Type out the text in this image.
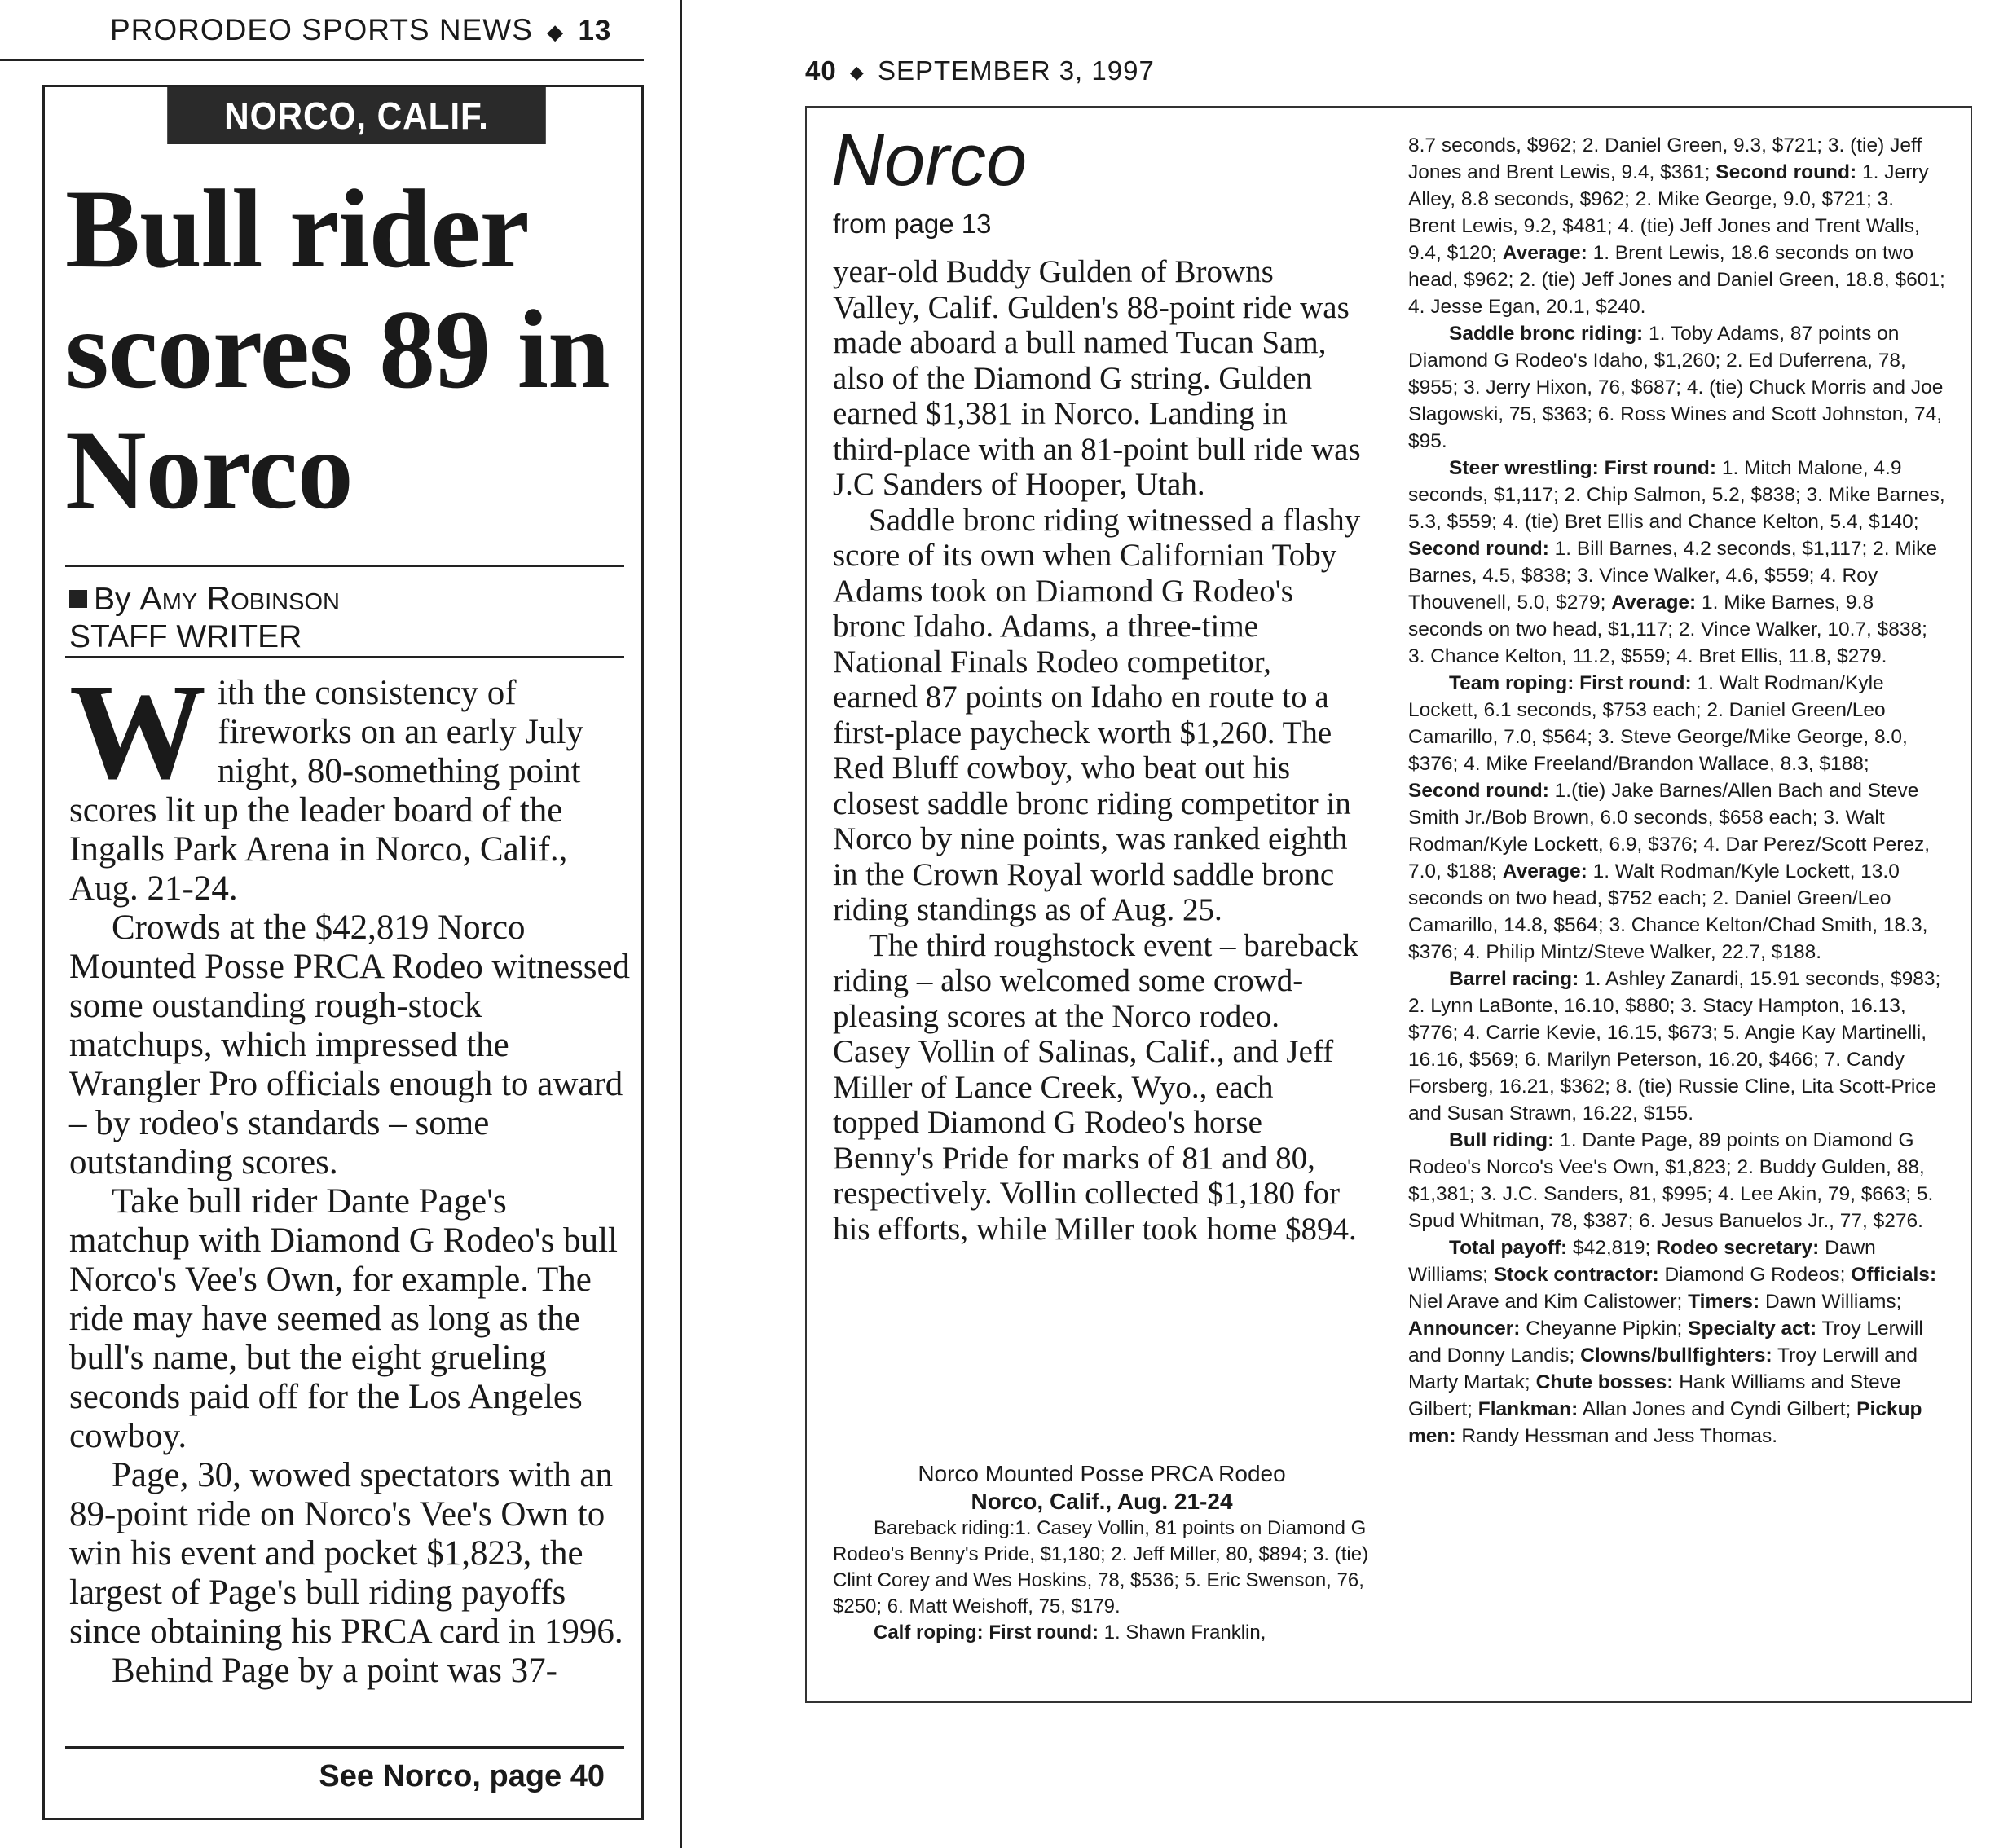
PRORODEO SPORTS NEWS ◆ 13
NORCO, CALIF.
Bull rider scores 89 in Norco
By Amy Robinson
STAFF WRITER

With the consistency of fireworks on an early July night, 80-something point scores lit up the leader board of the Ingalls Park Arena in Norco, Calif., Aug. 21-24.

Crowds at the $42,819 Norco Mounted Posse PRCA Rodeo witnessed some oustanding rough-stock matchups, which impressed the Wrangler Pro officials enough to award – by rodeo's standards – some outstanding scores.

Take bull rider Dante Page's matchup with Diamond G Rodeo's bull Norco's Vee's Own, for example. The ride may have seemed as long as the bull's name, but the eight grueling seconds paid off for the Los Angeles cowboy.

Page, 30, wowed spectators with an 89-point ride on Norco's Vee's Own to win his event and pocket $1,823, the largest of Page's bull riding payoffs since obtaining his PRCA card in 1996.

Behind Page by a point was 37-

See Norco, page 40
40 ◆ SEPTEMBER 3, 1997
Norco
from page 13

year-old Buddy Gulden of Browns Valley, Calif. Gulden's 88-point ride was made aboard a bull named Tucan Sam, also of the Diamond G string. Gulden earned $1,381 in Norco. Landing in third-place with an 81-point bull ride was J.C Sanders of Hooper, Utah.

Saddle bronc riding witnessed a flashy score of its own when Californian Toby Adams took on Diamond G Rodeo's bronc Idaho. Adams, a three-time National Finals Rodeo competitor, earned 87 points on Idaho en route to a first-place paycheck worth $1,260. The Red Bluff cowboy, who beat out his closest saddle bronc riding competitor in Norco by nine points, was ranked eighth in the Crown Royal world saddle bronc riding standings as of Aug. 25.

The third roughstock event – bareback riding – also welcomed some crowd-pleasing scores at the Norco rodeo. Casey Vollin of Salinas, Calif., and Jeff Miller of Lance Creek, Wyo., each topped Diamond G Rodeo's horse Benny's Pride for marks of 81 and 80, respectively. Vollin collected $1,180 for his efforts, while Miller took home $894.

Norco Mounted Posse PRCA Rodeo
Norco, Calif., Aug. 21-24

Bareback riding:1. Casey Vollin, 81 points on Diamond G Rodeo's Benny's Pride, $1,180; 2. Jeff Miller, 80, $894; 3. (tie) Clint Corey and Wes Hoskins, 78, $536; 5. Eric Swenson, 76, $250; 6. Matt Weishoff, 75, $179.

Calf roping: First round: 1. Shawn Franklin,

8.7 seconds, $962; 2. Daniel Green, 9.3, $721; 3. (tie) Jeff Jones and Brent Lewis, 9.4, $361; Second round: 1. Jerry Alley, 8.8 seconds, $962; 2. Mike George, 9.0, $721; 3. Brent Lewis, 9.2, $481; 4. (tie) Jeff Jones and Trent Walls, 9.4, $120; Average: 1. Brent Lewis, 18.6 seconds on two head, $962; 2. (tie) Jeff Jones and Daniel Green, 18.8, $601; 4. Jesse Egan, 20.1, $240.

Saddle bronc riding: 1. Toby Adams, 87 points on Diamond G Rodeo's Idaho, $1,260; 2. Ed Duferrena, 78, $955; 3. Jerry Hixon, 76, $687; 4. (tie) Chuck Morris and Joe Slagowski, 75, $363; 6. Ross Wines and Scott Johnston, 74, $95.

Steer wrestling: First round: 1. Mitch Malone, 4.9 seconds, $1,117; 2. Chip Salmon, 5.2, $838; 3. Mike Barnes, 5.3, $559; 4. (tie) Bret Ellis and Chance Kelton, 5.4, $140; Second round: 1. Bill Barnes, 4.2 seconds, $1,117; 2. Mike Barnes, 4.5, $838; 3. Vince Walker, 4.6, $559; 4. Roy Thouvenell, 5.0, $279; Average: 1. Mike Barnes, 9.8 seconds on two head, $1,117; 2. Vince Walker, 10.7, $838; 3. Chance Kelton, 11.2, $559; 4. Bret Ellis, 11.8, $279.

Team roping: First round: 1. Walt Rodman/Kyle Lockett, 6.1 seconds, $753 each; 2. Daniel Green/Leo Camarillo, 7.0, $564; 3. Steve George/Mike George, 8.0, $376; 4. Mike Freeland/Brandon Wallace, 8.3, $188; Second round: 1.(tie) Jake Barnes/Allen Bach and Steve Smith Jr./Bob Brown, 6.0 seconds, $658 each; 3. Walt Rodman/Kyle Lockett, 6.9, $376; 4. Dar Perez/Scott Perez, 7.0, $188; Average: 1. Walt Rodman/Kyle Lockett, 13.0 seconds on two head, $752 each; 2. Daniel Green/Leo Camarillo, 14.8, $564; 3. Chance Kelton/Chad Smith, 18.3, $376; 4. Philip Mintz/Steve Walker, 22.7, $188.

Barrel racing: 1. Ashley Zanardi, 15.91 seconds, $983; 2. Lynn LaBonte, 16.10, $880; 3. Stacy Hampton, 16.13, $776; 4. Carrie Kevie, 16.15, $673; 5. Angie Kay Martinelli, 16.16, $569; 6. Marilyn Peterson, 16.20, $466; 7. Candy Forsberg, 16.21, $362; 8. (tie) Russie Cline, Lita Scott-Price and Susan Strawn, 16.22, $155.

Bull riding: 1. Dante Page, 89 points on Diamond G Rodeo's Norco's Vee's Own, $1,823; 2. Buddy Gulden, 88, $1,381; 3. J.C. Sanders, 81, $995; 4. Lee Akin, 79, $663; 5. Spud Whitman, 78, $387; 6. Jesus Banuelos Jr., 77, $276.

Total payoff: $42,819; Rodeo secretary: Dawn Williams; Stock contractor: Diamond G Rodeos; Officials: Niel Arave and Kim Calistower; Timers: Dawn Williams; Announcer: Cheyanne Pipkin; Specialty act: Troy Lerwill and Donny Landis; Clowns/bullfighters: Troy Lerwill and Marty Martak; Chute bosses: Hank Williams and Steve Gilbert; Flankman: Allan Jones and Cyndi Gilbert; Pickup men: Randy Hessman and Jess Thomas.
